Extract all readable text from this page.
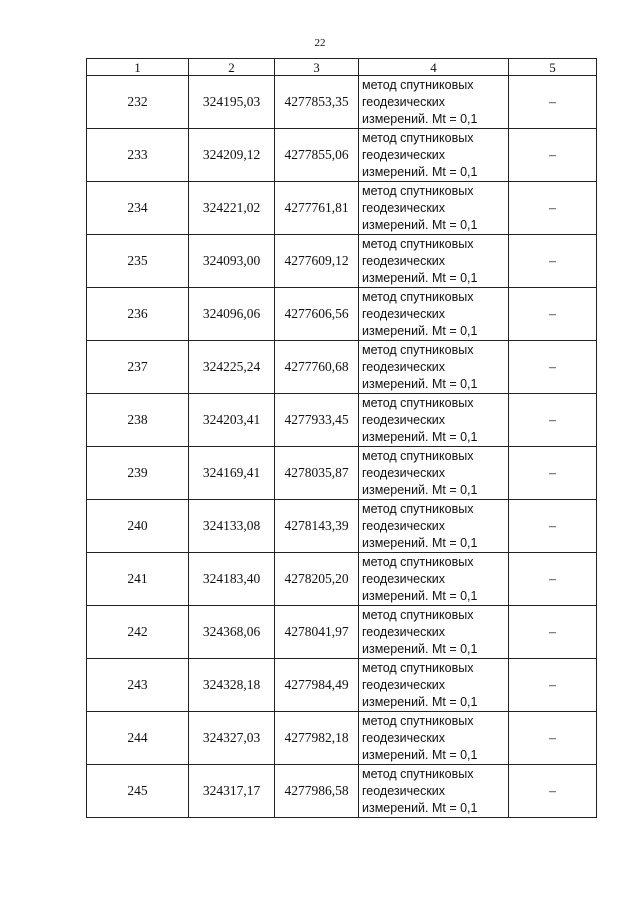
22
1	2	3	4	5
232	324195,03	4277853,35	метод спутниковых
геодезических
измерений. Mt = 0,1	–
233	324209,12	4277855,06	метод спутниковых
геодезических
измерений. Mt = 0,1	–
234	324221,02	4277761,81	метод спутниковых
геодезических
измерений. Mt = 0,1	–
235	324093,00	4277609,12	метод спутниковых
геодезических
измерений. Mt = 0,1	–
236	324096,06	4277606,56	метод спутниковых
геодезических
измерений. Mt = 0,1	–
237	324225,24	4277760,68	метод спутниковых
геодезических
измерений. Mt = 0,1	–
238	324203,41	4277933,45	метод спутниковых
геодезических
измерений. Mt = 0,1	–
239	324169,41	4278035,87	метод спутниковых
геодезических
измерений. Mt = 0,1	–
240	324133,08	4278143,39	метод спутниковых
геодезических
измерений. Mt = 0,1	–
241	324183,40	4278205,20	метод спутниковых
геодезических
измерений. Mt = 0,1	–
242	324368,06	4278041,97	метод спутниковых
геодезических
измерений. Mt = 0,1	–
243	324328,18	4277984,49	метод спутниковых
геодезических
измерений. Mt = 0,1	–
244	324327,03	4277982,18	метод спутниковых
геодезических
измерений. Mt = 0,1	–
245	324317,17	4277986,58	метод спутниковых
геодезических
измерений. Mt = 0,1	–
